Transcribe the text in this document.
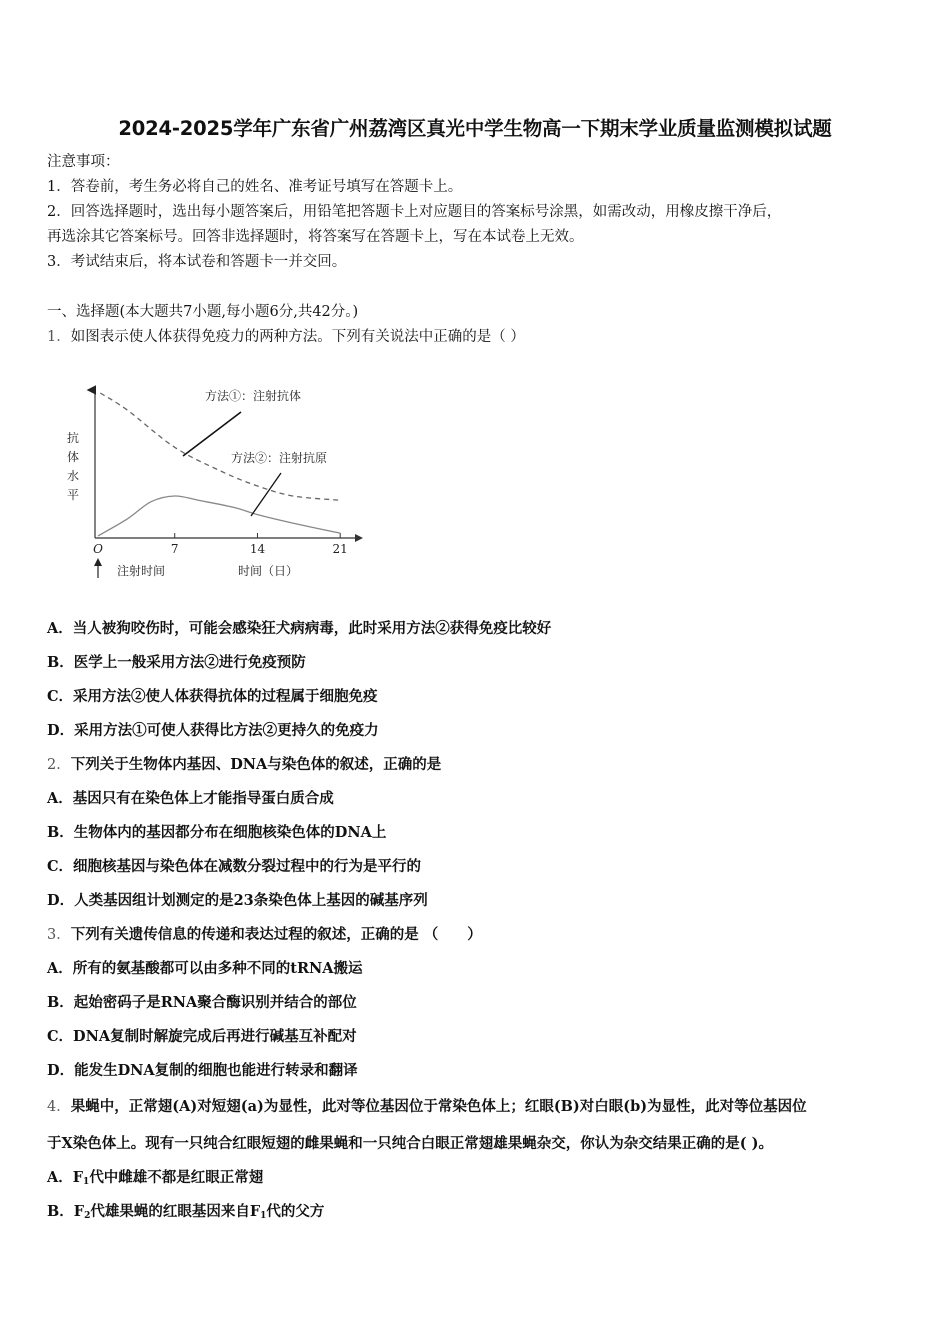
2024-2025学年广东省广州荔湾区真光中学生物高一下期末学业质量监测模拟试题
注意事项：
1．答卷前，考生务必将自己的姓名、准考证号填写在答题卡上。
2．回答选择题时，选出每小题答案后，用铅笔把答题卡上对应题目的答案标号涂黑，如需改动，用橡皮擦干净后，
再选涂其它答案标号。回答非选择题时，将答案写在答题卡上，写在本试卷上无效。
3．考试结束后，将本试卷和答题卡一并交回。
一、选择题(本大题共7小题,每小题6分,共42分。)
1．如图表示使人体获得免疫力的两种方法。下列有关说法中正确的是（ ）
抗
体
水
平
O	7	14	21
方法①：注射抗体
方法②：注射抗原
注射时间	时间（日）
A．当人被狗咬伤时，可能会感染狂犬病病毒，此时采用方法②获得免疫比较好
B．医学上一般采用方法②进行免疫预防
C．采用方法②使人体获得抗体的过程属于细胞免疫
D．采用方法①可使人获得比方法②更持久的免疫力
2．下列关于生物体内基因、DNA与染色体的叙述，正确的是
A．基因只有在染色体上才能指导蛋白质合成
B．生物体内的基因都分布在细胞核染色体的DNA上
C．细胞核基因与染色体在减数分裂过程中的行为是平行的
D．人类基因组计划测定的是23条染色体上基因的碱基序列
3．下列有关遗传信息的传递和表达过程的叙述，正确的是 （　　）
A．所有的氨基酸都可以由多种不同的tRNA搬运
B．起始密码子是RNA聚合酶识别并结合的部位
C．DNA复制时解旋完成后再进行碱基互补配对
D．能发生DNA复制的细胞也能进行转录和翻译
4．果蝇中，正常翅(A)对短翅(a)为显性，此对等位基因位于常染色体上；红眼(B)对白眼(b)为显性，此对等位基因位
于X染色体上。现有一只纯合红眼短翅的雌果蝇和一只纯合白眼正常翅雄果蝇杂交，你认为杂交结果正确的是( )。
A．$F_1$代中雌雄不都是红眼正常翅
B．$F_2$代雄果蝇的红眼基因来自$F_1$代的父方
